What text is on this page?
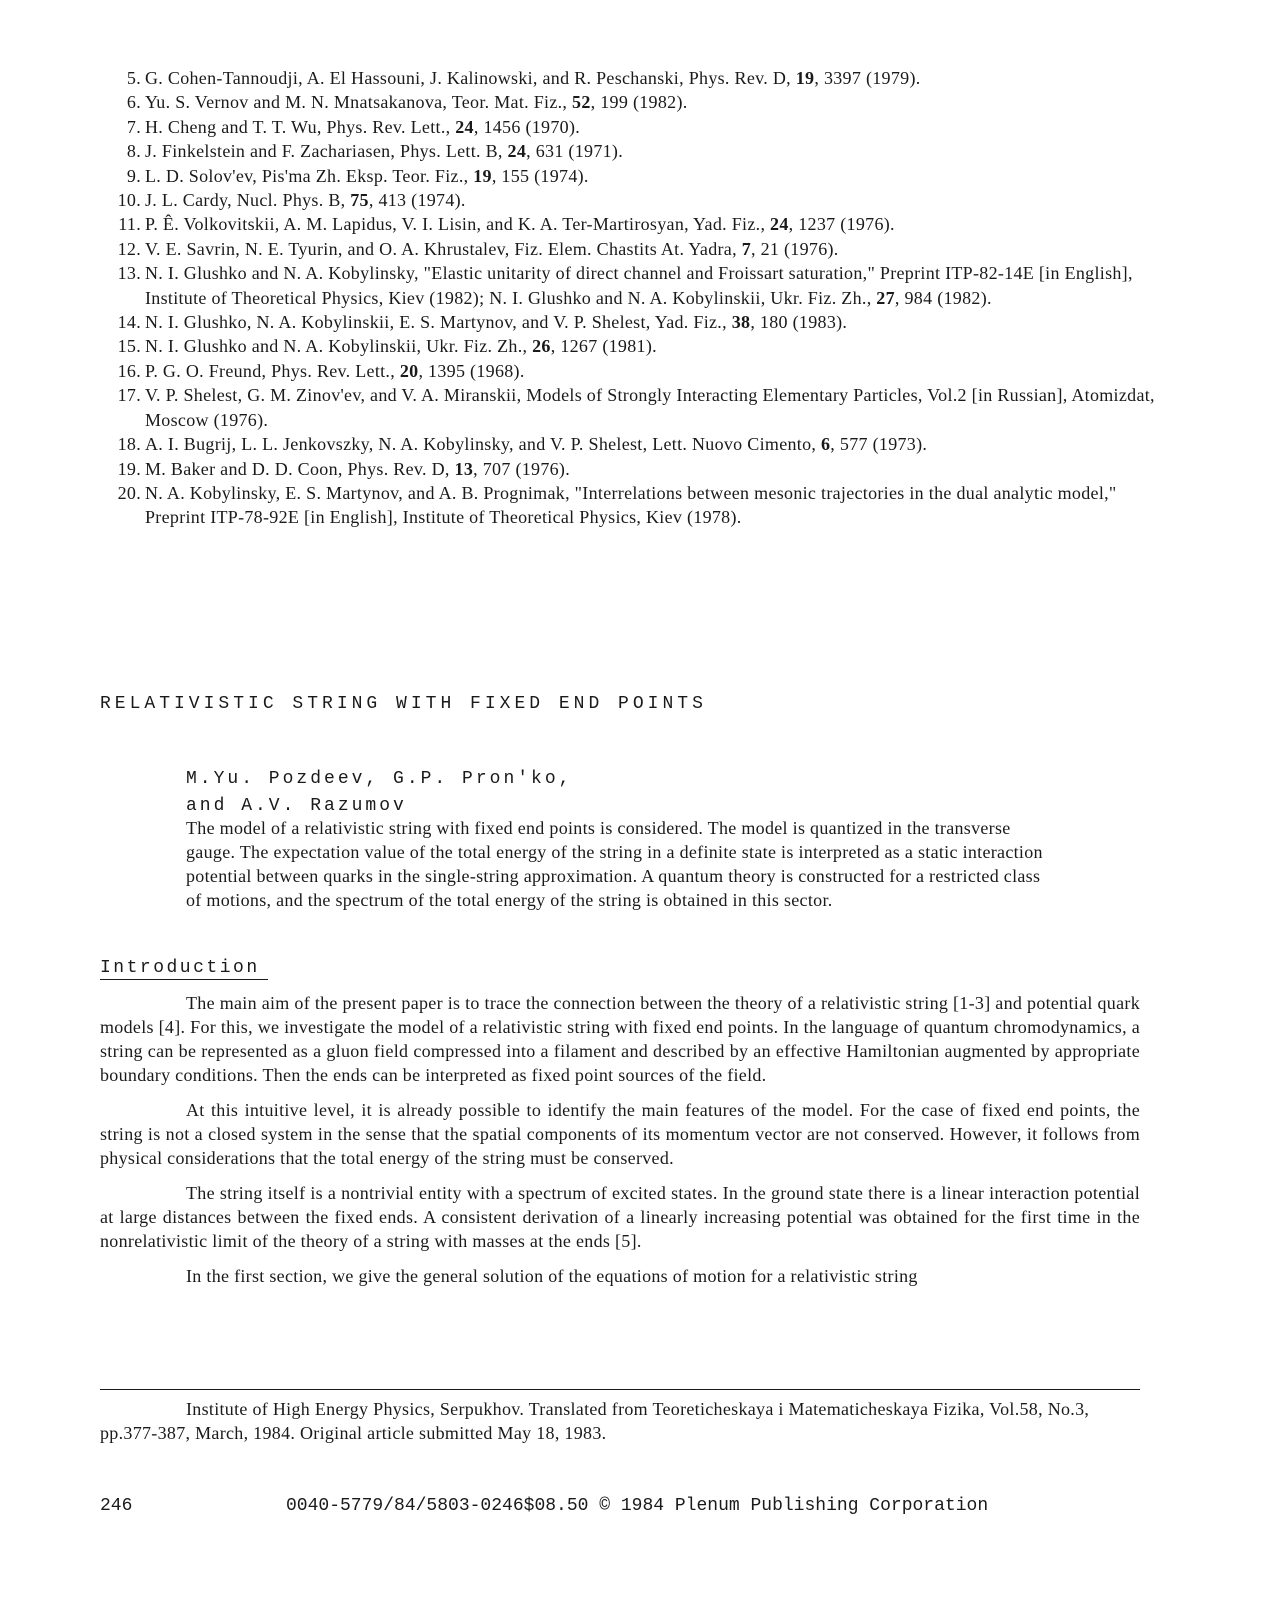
5. G. Cohen-Tannoudji, A. El Hassouni, J. Kalinowski, and R. Peschanski, Phys. Rev. D, 19, 3397 (1979).
6. Yu. S. Vernov and M. N. Mnatsakanova, Teor. Mat. Fiz., 52, 199 (1982).
7. H. Cheng and T. T. Wu, Phys. Rev. Lett., 24, 1456 (1970).
8. J. Finkelstein and F. Zachariasen, Phys. Lett. B, 24, 631 (1971).
9. L. D. Solov'ev, Pis'ma Zh. Eksp. Teor. Fiz., 19, 155 (1974).
10. J. L. Cardy, Nucl. Phys. B, 75, 413 (1974).
11. P. Ê. Volkovitskii, A. M. Lapidus, V. I. Lisin, and K. A. Ter-Martirosyan, Yad. Fiz., 24, 1237 (1976).
12. V. E. Savrin, N. E. Tyurin, and O. A. Khrustalev, Fiz. Elem. Chastits At. Yadra, 7, 21 (1976).
13. N. I. Glushko and N. A. Kobylinsky, "Elastic unitarity of direct channel and Froissart saturation," Preprint ITP-82-14E [in English], Institute of Theoretical Physics, Kiev (1982); N. I. Glushko and N. A. Kobylinskii, Ukr. Fiz. Zh., 27, 984 (1982).
14. N. I. Glushko, N. A. Kobylinskii, E. S. Martynov, and V. P. Shelest, Yad. Fiz., 38, 180 (1983).
15. N. I. Glushko and N. A. Kobylinskii, Ukr. Fiz. Zh., 26, 1267 (1981).
16. P. G. O. Freund, Phys. Rev. Lett., 20, 1395 (1968).
17. V. P. Shelest, G. M. Zinov'ev, and V. A. Miranskii, Models of Strongly Interacting Elementary Particles, Vol.2 [in Russian], Atomizdat, Moscow (1976).
18. A. I. Bugrij, L. L. Jenkovszky, N. A. Kobylinsky, and V. P. Shelest, Lett. Nuovo Cimento, 6, 577 (1973).
19. M. Baker and D. D. Coon, Phys. Rev. D, 13, 707 (1976).
20. N. A. Kobylinsky, E. S. Martynov, and A. B. Prognimak, "Interrelations between mesonic trajectories in the dual analytic model," Preprint ITP-78-92E [in English], Institute of Theoretical Physics, Kiev (1978).
RELATIVISTIC STRING WITH FIXED END POINTS
M.Yu. Pozdeev, G.P. Pron'ko,
and A.V. Razumov
The model of a relativistic string with fixed end points is considered. The model is quantized in the transverse gauge. The expectation value of the total energy of the string in a definite state is interpreted as a static interaction potential between quarks in the single-string approximation. A quantum theory is constructed for a restricted class of motions, and the spectrum of the total energy of the string is obtained in this sector.
Introduction

The main aim of the present paper is to trace the connection between the theory of a relativistic string [1-3] and potential quark models [4]. For this, we investigate the model of a relativistic string with fixed end points. In the language of quantum chromodynamics, a string can be represented as a gluon field compressed into a filament and described by an effective Hamiltonian augmented by appropriate boundary conditions. Then the ends can be interpreted as fixed point sources of the field.

At this intuitive level, it is already possible to identify the main features of the model. For the case of fixed end points, the string is not a closed system in the sense that the spatial components of its momentum vector are not conserved. However, it follows from physical considerations that the total energy of the string must be conserved.

The string itself is a nontrivial entity with a spectrum of excited states. In the ground state there is a linear interaction potential at large distances between the fixed ends. A consistent derivation of a linearly increasing potential was obtained for the first time in the nonrelativistic limit of the theory of a string with masses at the ends [5].

In the first section, we give the general solution of the equations of motion for a relativistic string

Institute of High Energy Physics, Serpukhov. Translated from Teoreticheskaya i Matematicheskaya Fizika, Vol.58, No.3, pp.377-387, March, 1984. Original article submitted May 18, 1983.
246	0040-5779/84/5803-0246$08.50 © 1984 Plenum Publishing Corporation
